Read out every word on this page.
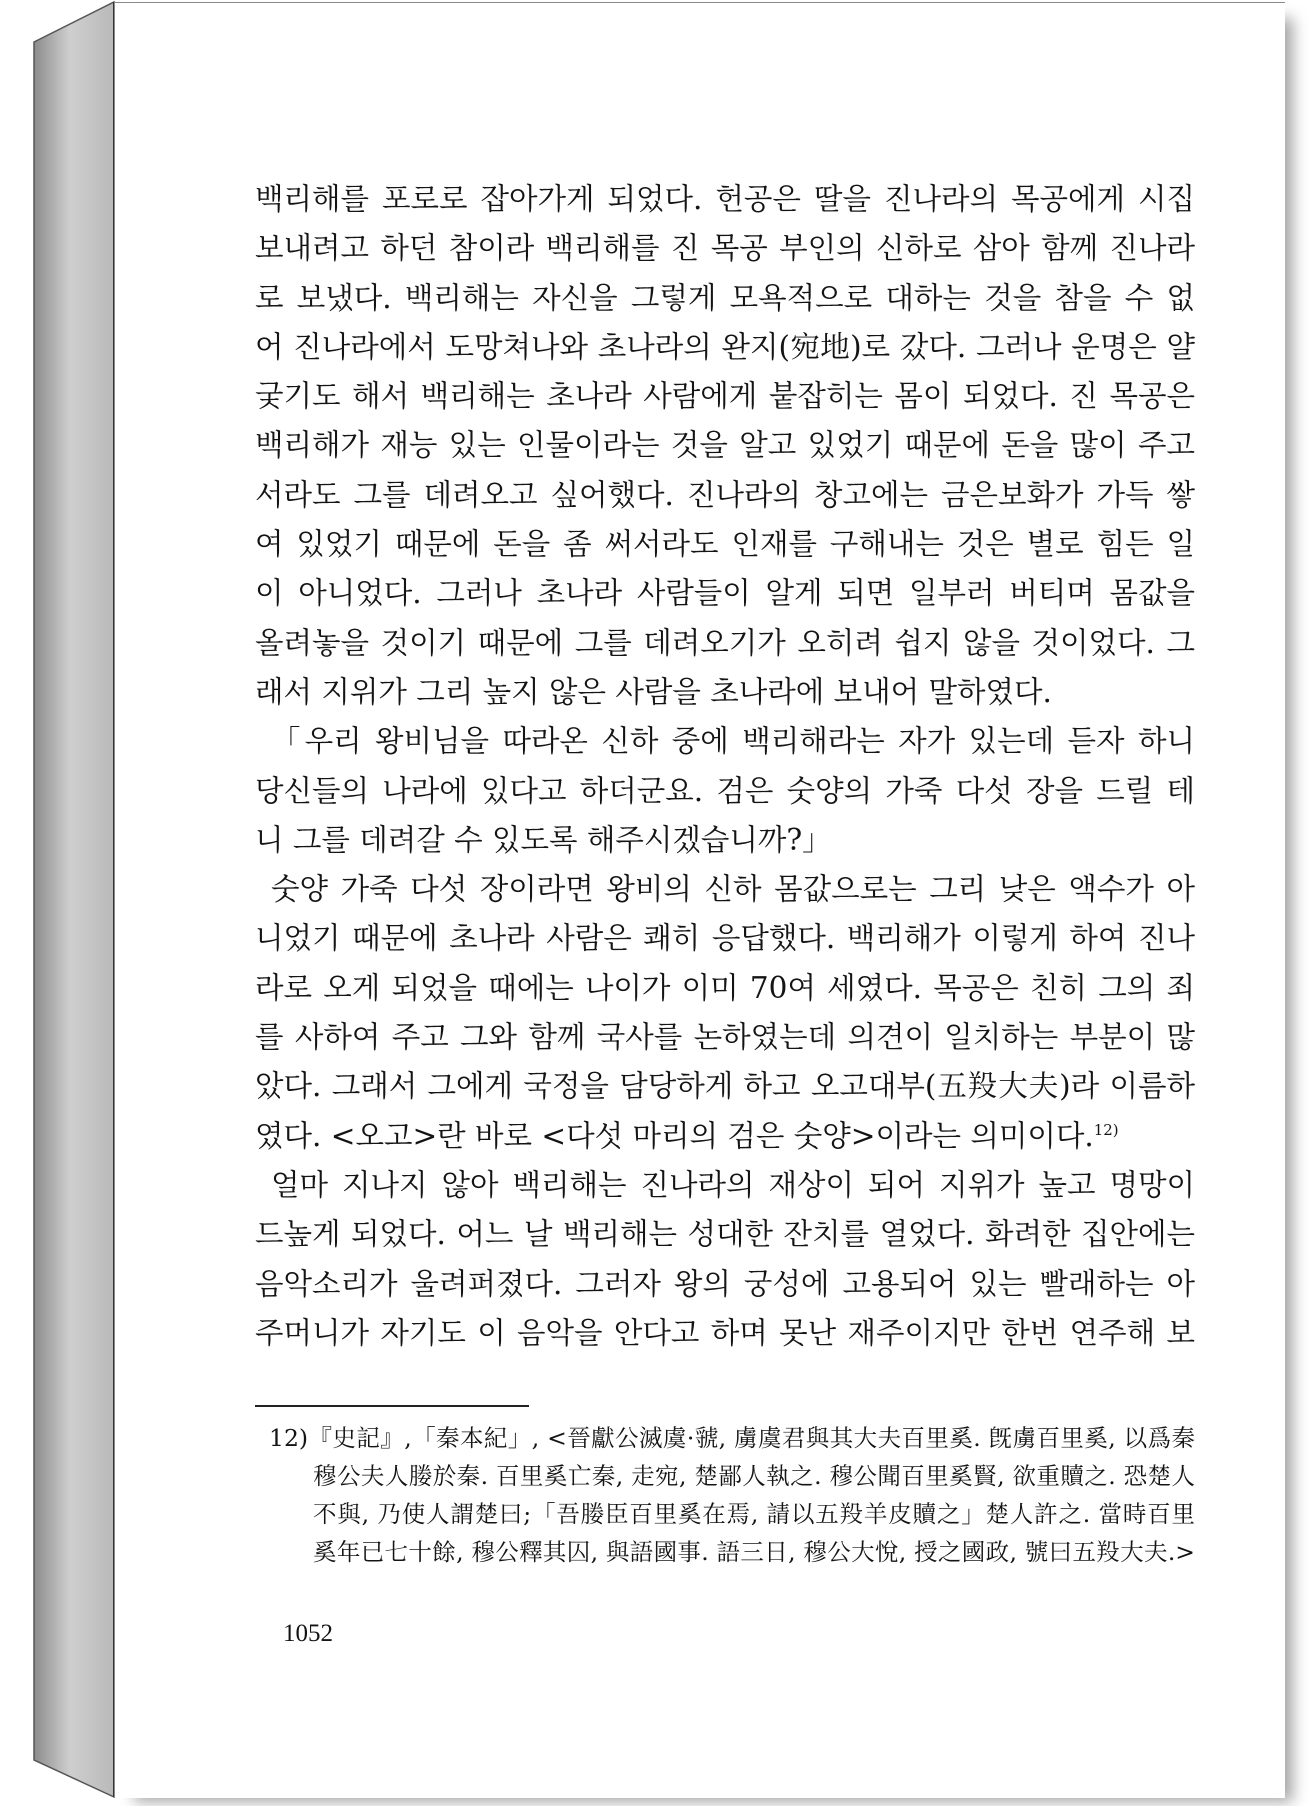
백리해를 포로로 잡아가게 되었다. 헌공은 딸을 진나라의 목공에게 시집
보내려고 하던 참이라 백리해를 진 목공 부인의 신하로 삼아 함께 진나라
로 보냈다. 백리해는 자신을 그렇게 모욕적으로 대하는 것을 참을 수 없
어 진나라에서 도망쳐나와 초나라의 완지(宛地)로 갔다. 그러나 운명은 얄
궂기도 해서 백리해는 초나라 사람에게 붙잡히는 몸이 되었다. 진 목공은
백리해가 재능 있는 인물이라는 것을 알고 있었기 때문에 돈을 많이 주고
서라도 그를 데려오고 싶어했다. 진나라의 창고에는 금은보화가 가득 쌓
여 있었기 때문에 돈을 좀 써서라도 인재를 구해내는 것은 별로 힘든 일
이 아니었다. 그러나 초나라 사람들이 알게 되면 일부러 버티며 몸값을
올려놓을 것이기 때문에 그를 데려오기가 오히려 쉽지 않을 것이었다. 그
래서 지위가 그리 높지 않은 사람을 초나라에 보내어 말하였다.
「우리 왕비님을 따라온 신하 중에 백리해라는 자가 있는데 듣자 하니
당신들의 나라에 있다고 하더군요. 검은 숫양의 가죽 다섯 장을 드릴 테
니 그를 데려갈 수 있도록 해주시겠습니까?」
숫양 가죽 다섯 장이라면 왕비의 신하 몸값으로는 그리 낮은 액수가 아
니었기 때문에 초나라 사람은 쾌히 응답했다. 백리해가 이렇게 하여 진나
라로 오게 되었을 때에는 나이가 이미 70여 세였다. 목공은 친히 그의 죄
를 사하여 주고 그와 함께 국사를 논하였는데 의견이 일치하는 부분이 많
았다. 그래서 그에게 국정을 담당하게 하고 오고대부(五羖大夫)라 이름하
였다. <오고>란 바로 <다섯 마리의 검은 숫양>이라는 의미이다.$^{12)}$
얼마 지나지 않아 백리해는 진나라의 재상이 되어 지위가 높고 명망이
드높게 되었다. 어느 날 백리해는 성대한 잔치를 열었다. 화려한 집안에는
음악소리가 울려퍼졌다. 그러자 왕의 궁성에 고용되어 있는 빨래하는 아
주머니가 자기도 이 음악을 안다고 하며 못난 재주이지만 한번 연주해 보
12)『史記』,「秦本紀」, <晉獻公滅虞·虢, 虜虞君與其大夫百里奚. 旣虜百里奚, 以爲秦
穆公夫人媵於秦. 百里奚亡秦, 走宛, 楚鄙人執之. 穆公聞百里奚賢, 欲重贖之. 恐楚人
不與, 乃使人謂楚曰;「吾媵臣百里奚在焉, 請以五羖羊皮贖之」楚人許之. 當時百里
奚年已七十餘, 穆公釋其囚, 與語國事. 語三日, 穆公大悅, 授之國政, 號曰五羖大夫.>
1052
